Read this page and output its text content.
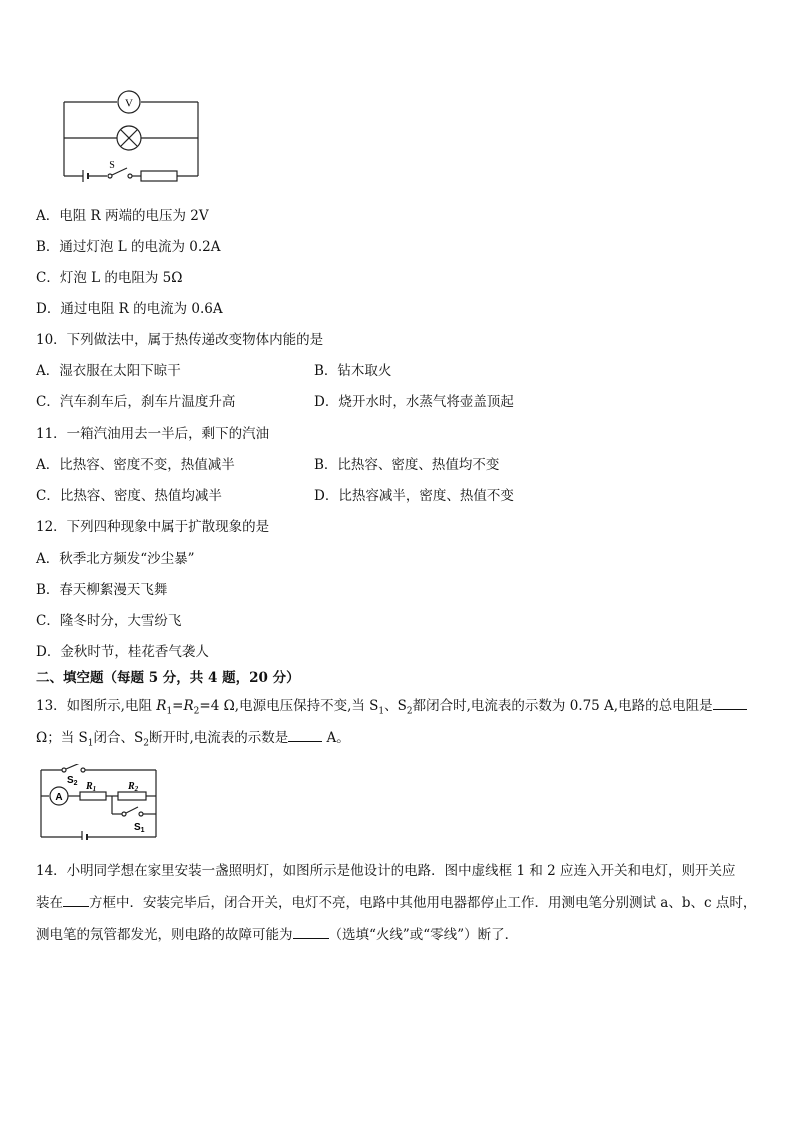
V
S
A．电阻 R 两端的电压为 2V
B．通过灯泡 L 的电流为 0.2A
C．灯泡 L 的电阻为 5Ω
D．通过电阻 R 的电流为 0.6A
10．下列做法中，属于热传递改变物体内能的是
A．湿衣服在太阳下晾干	B．钻木取火
C．汽车刹车后，刹车片温度升高	D．烧开水时，水蒸气将壶盖顶起
11．一箱汽油用去一半后，剩下的汽油
A．比热容、密度不变，热值减半	B．比热容、密度、热值均不变
C．比热容、密度、热值均减半	D．比热容减半，密度、热值不变
12．下列四种现象中属于扩散现象的是
A．秋季北方频发“沙尘暴”
B．春天柳絮漫天飞舞
C．隆冬时分，大雪纷飞
D．金秋时节，桂花香气袭人
二、填空题（每题 5 分，共 4 题，20 分）
13．如图所示,电阻 $R_1=R_2=4$ Ω,电源电压保持不变,当 $S_1$、$S_2$都闭合时,电流表的示数为 0.75 A,电路的总电阻是
Ω；当 $S_1$闭合、$S_2$断开时,电流表的示数是	A。
A
$S_2$ $R_1$	$R_2$
$S_1$
14．小明同学想在家里安装一盏照明灯，如图所示是他设计的电路．图中虚线框 1 和 2 应连入开关和电灯，则开关应
装在 方框中．安装完毕后，闭合开关，电灯不亮，电路中其他用电器都停止工作．用测电笔分别测试 a、b、c 点时，
测电笔的氖管都发光，则电路的故障可能为	（选填“火线”或“零线”）断了．
